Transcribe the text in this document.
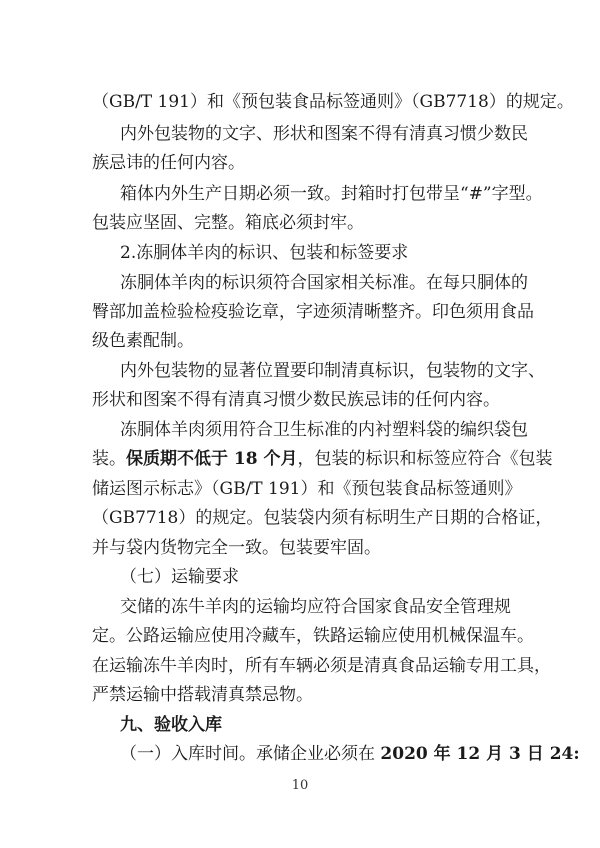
（GB/T 191）和《预包装食品标签通则》（GB7718）的规定。
内外包装物的文字、形状和图案不得有清真习惯少数民
族忌讳的任何内容。
箱体内外生产日期必须一致。封箱时打包带呈“#”字型。
包装应坚固、完整。箱底必须封牢。
2.冻胴体羊肉的标识、包装和标签要求
冻胴体羊肉的标识须符合国家相关标准。在每只胴体的
臀部加盖检验检疫验讫章，字迹须清晰整齐。印色须用食品
级色素配制。
内外包装物的显著位置要印制清真标识，包装物的文字、
形状和图案不得有清真习惯少数民族忌讳的任何内容。
冻胴体羊肉须用符合卫生标准的内衬塑料袋的编织袋包
装。保质期不低于 18 个月，包装的标识和标签应符合《包装
储运图示标志》（GB/T 191）和《预包装食品标签通则》
（GB7718）的规定。包装袋内须有标明生产日期的合格证，
并与袋内货物完全一致。包装要牢固。
（七）运输要求
交储的冻牛羊肉的运输均应符合国家食品安全管理规
定。公路运输应使用冷藏车，铁路运输应使用机械保温车。
在运输冻牛羊肉时，所有车辆必须是清真食品运输专用工具，
严禁运输中搭载清真禁忌物。
九、验收入库
（一）入库时间。承储企业必须在 2020 年 12 月 3 日 24:
10
